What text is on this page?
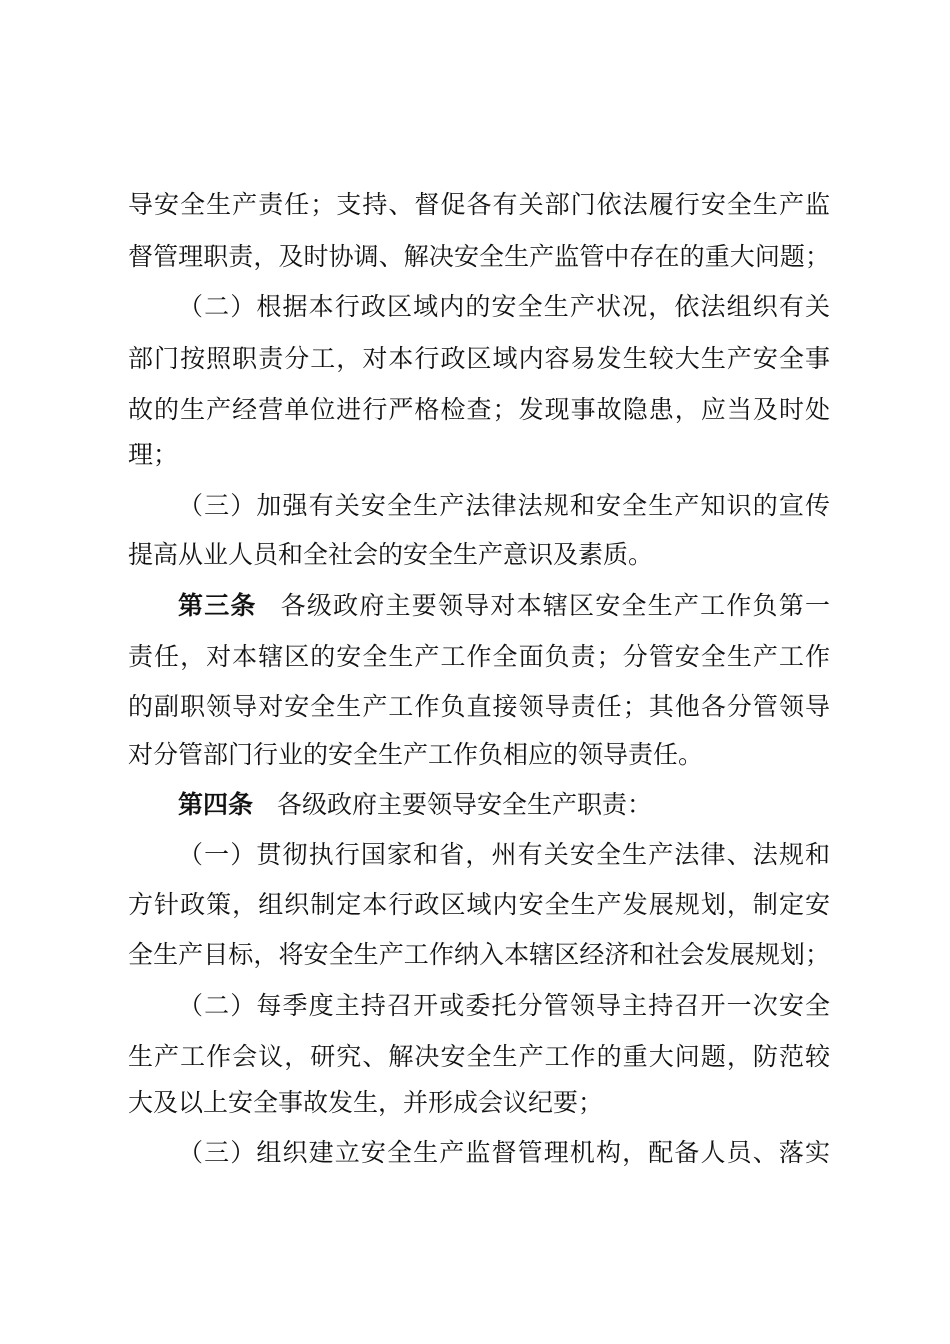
导安全生产责任；支持、督促各有关部门依法履行安全生产监
督管理职责，及时协调、解决安全生产监管中存在的重大问题；
（二）根据本行政区域内的安全生产状况，依法组织有关
部门按照职责分工，对本行政区域内容易发生较大生产安全事
故的生产经营单位进行严格检查；发现事故隐患，应当及时处
理；
（三）加强有关安全生产法律法规和安全生产知识的宣传
提高从业人员和全社会的安全生产意识及素质。
第三条 各级政府主要领导对本辖区安全生产工作负第一
责任，对本辖区的安全生产工作全面负责；分管安全生产工作
的副职领导对安全生产工作负直接领导责任；其他各分管领导
对分管部门行业的安全生产工作负相应的领导责任。
第四条 各级政府主要领导安全生产职责：
（一）贯彻执行国家和省，州有关安全生产法律、法规和
方针政策，组织制定本行政区域内安全生产发展规划，制定安
全生产目标，将安全生产工作纳入本辖区经济和社会发展规划；
（二）每季度主持召开或委托分管领导主持召开一次安全
生产工作会议，研究、解决安全生产工作的重大问题，防范较
大及以上安全事故发生，并形成会议纪要；
（三）组织建立安全生产监督管理机构，配备人员、落实
